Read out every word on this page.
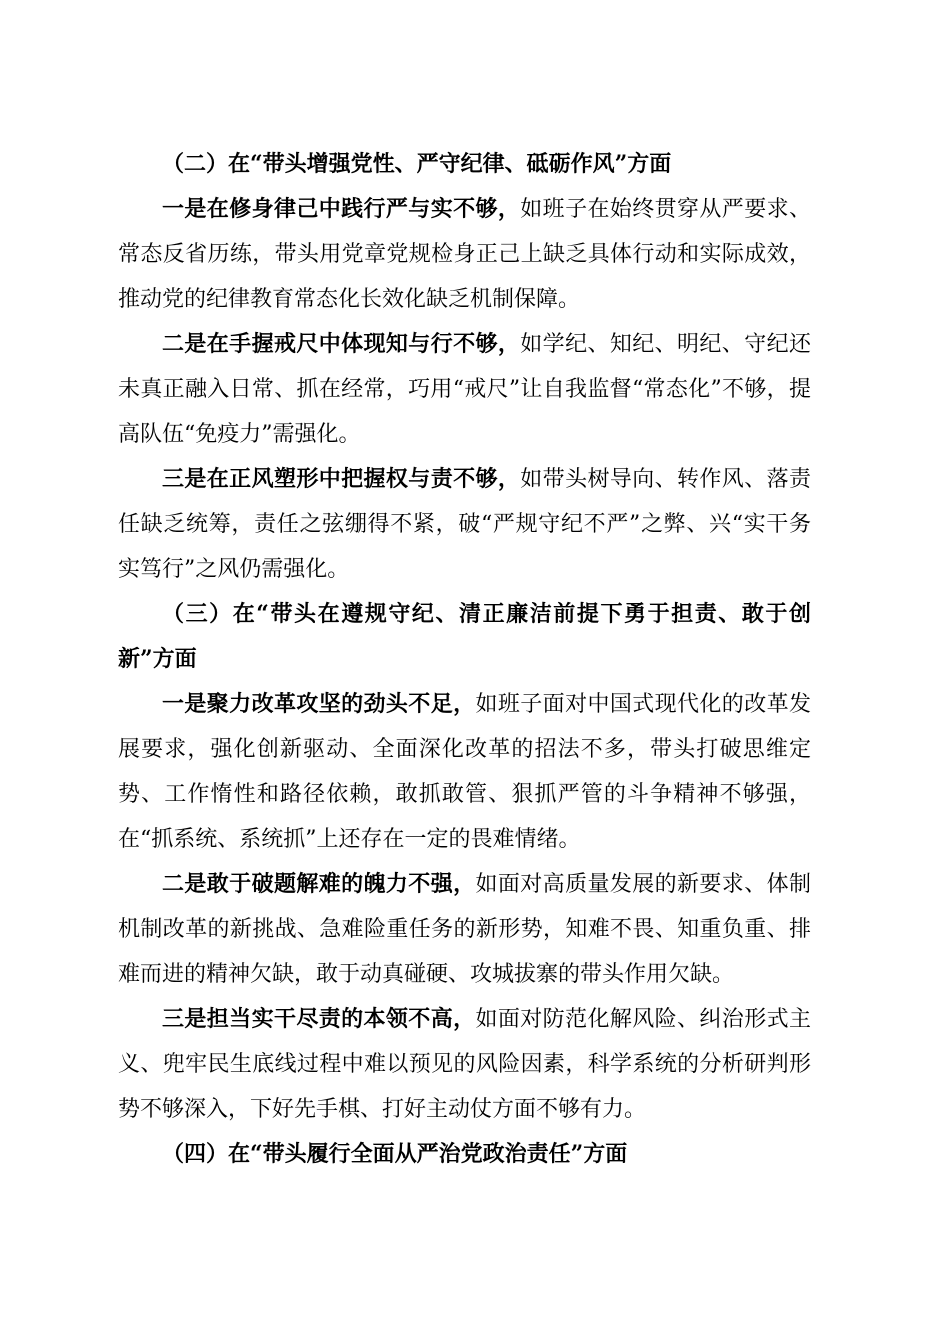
（二）在“带头增强党性、严守纪律、砥砺作风”方面

一是在修身律己中践行严与实不够，如班子在始终贯穿从严要求、常态反省历练，带头用党章党规检身正己上缺乏具体行动和实际成效，推动党的纪律教育常态化长效化缺乏机制保障。

二是在手握戒尺中体现知与行不够，如学纪、知纪、明纪、守纪还未真正融入日常、抓在经常，巧用“戒尺”让自我监督“常态化”不够，提高队伍“免疫力”需强化。

三是在正风塑形中把握权与责不够，如带头树导向、转作风、落责任缺乏统筹，责任之弦绷得不紧，破“严规守纪不严”之弊、兴“实干务实笃行”之风仍需强化。

（三）在“带头在遵规守纪、清正廉洁前提下勇于担责、敢于创新”方面

一是聚力改革攻坚的劲头不足，如班子面对中国式现代化的改革发展要求，强化创新驱动、全面深化改革的招法不多，带头打破思维定势、工作惰性和路径依赖，敢抓敢管、狠抓严管的斗争精神不够强，在“抓系统、系统抓”上还存在一定的畏难情绪。

二是敢于破题解难的魄力不强，如面对高质量发展的新要求、体制机制改革的新挑战、急难险重任务的新形势，知难不畏、知重负重、排难而进的精神欠缺，敢于动真碰硬、攻城拔寨的带头作用欠缺。

三是担当实干尽责的本领不高，如面对防范化解风险、纠治形式主义、兜牢民生底线过程中难以预见的风险因素，科学系统的分析研判形势不够深入，下好先手棋、打好主动仗方面不够有力。

（四）在“带头履行全面从严治党政治责任”方面
